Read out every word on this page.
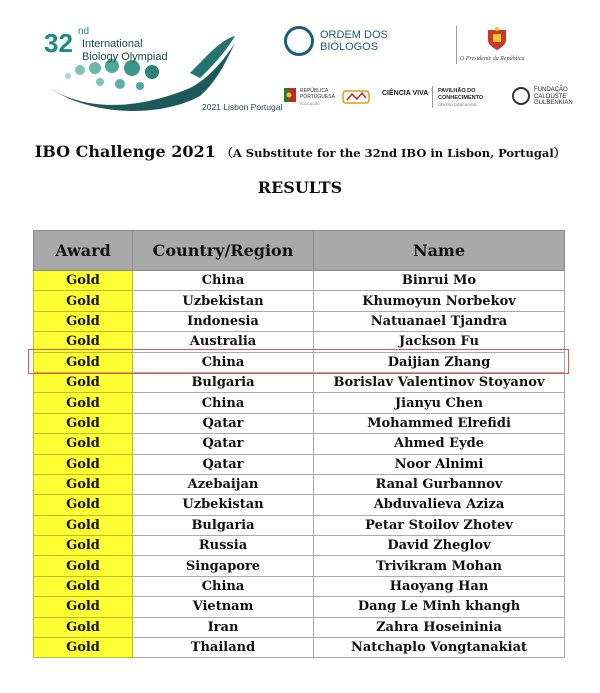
32 nd
International
Biology Olympiad
2021 Lisbon Portugal
ORDEM DOS
BIÓLOGOS
O Presidente da República
REPÚBLICA
PORTUGUESA
EDUCAÇÃO
CIÊNCIA VIVA PAVILHÃO DO
CONHECIMENTO
CENTRO CIÊNCIA VIVA
FUNDAÇÃO
CALOUSTE
GULBENKIAN
IBO Challenge 2021 （A Substitute for the 32nd IBO in Lisbon, Portugal）
RESULTS
Award	Country/Region	Name
Gold	China	Binrui Mo
Gold	Uzbekistan	Khumoyun Norbekov
Gold	Indonesia	Natuanael Tjandra
Gold	Australia	Jackson Fu
Gold	China	Daijian Zhang
Gold	Bulgaria	Borislav Valentinov Stoyanov
Gold	China	Jianyu Chen
Gold	Qatar	Mohammed Elrefidi
Gold	Qatar	Ahmed Eyde
Gold	Qatar	Noor Alnimi
Gold	Azebaijan	Ranal Gurbannov
Gold	Uzbekistan	Abduvalieva Aziza
Gold	Bulgaria	Petar Stoilov Zhotev
Gold	Russia	David Zheglov
Gold	Singapore	Trivikram Mohan
Gold	China	Haoyang Han
Gold	Vietnam	Dang Le Minh khangh
Gold	Iran	Zahra Hoseininia
Gold	Thailand	Natchaplo Vongtanakiat
